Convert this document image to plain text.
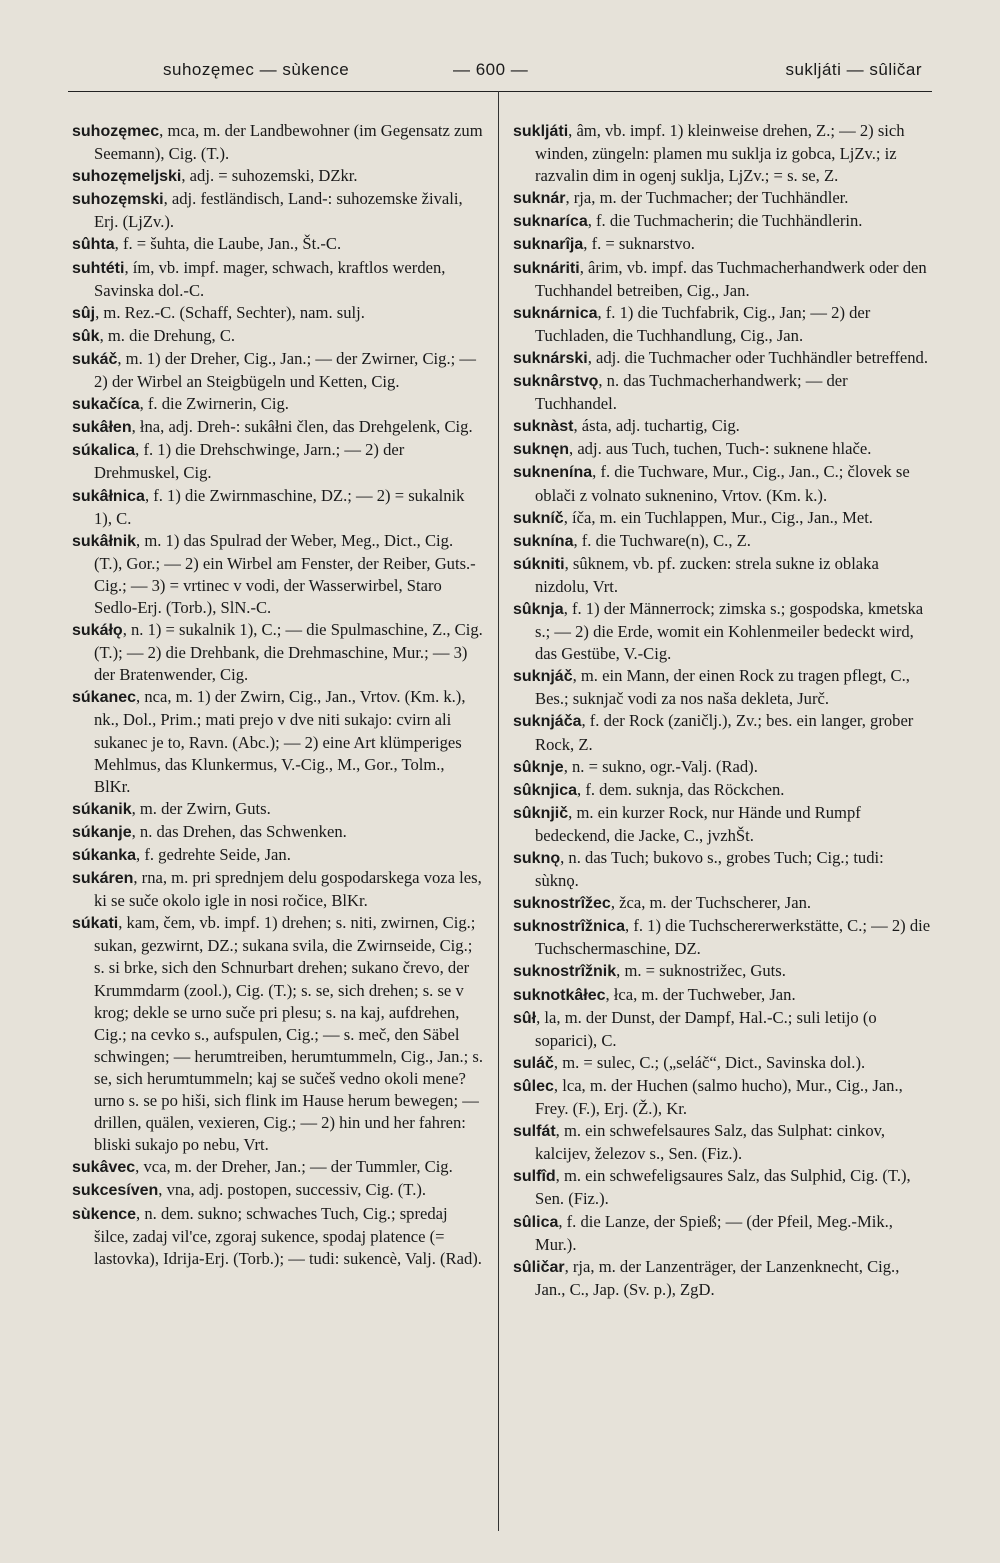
suhozęmec — sùkence	— 600 —	sukljáti — sûličar
suhozęmec, mca, m. der Landbewohner (im Gegensatz zum Seemann), Cig. (T.).
suhozęmeljski, adj. = suhozemski, DZkr.
suhozęmski, adj. festländisch, Land-: suhozemske živali, Erj. (LjZv.).
sûhta, f. = šuhta, die Laube, Jan., Št.-C.
suhtéti, ím, vb. impf. mager, schwach, kraftlos werden, Savinska dol.-C.
sûj, m. Rez.-C. (Schaff, Sechter), nam. sulj.
sûk, m. die Drehung, C.
sukáč, m. 1) der Dreher, Cig., Jan.; — der Zwirner, Cig.; — 2) der Wirbel an Steigbügeln und Ketten, Cig.
sukačíca, f. die Zwirnerin, Cig.
sukâłen, łna, adj. Dreh-: sukâłni člen, das Drehgelenk, Cig.
súkalica, f. 1) die Drehschwinge, Jarn.; — 2) der Drehmuskel, Cig.
sukâłnica, f. 1) die Zwirnmaschine, DZ.; — 2) = sukalnik 1), C.
sukâłnik, m. 1) das Spulrad der Weber, Meg., Dict., Cig. (T.), Gor.; — 2) ein Wirbel am Fenster, der Reiber, Guts.-Cig.; — 3) = vrtinec v vodi, der Wasserwirbel, Staro Sedlo-Erj. (Torb.), SlN.-C.
sukáłǫ, n. 1) = sukalnik 1), C.; — die Spulmaschine, Z., Cig. (T.); — 2) die Drehbank, die Drehmaschine, Mur.; — 3) der Bratenwender, Cig.
súkanec, nca, m. 1) der Zwirn, Cig., Jan., Vrtov. (Km. k.), nk., Dol., Prim.; mati prejo v dve niti sukajo: cvirn ali sukanec je to, Ravn. (Abc.); — 2) eine Art klümperiges Mehlmus, das Klunkermus, V.-Cig., M., Gor., Tolm., BlKr.
súkanik, m. der Zwirn, Guts.
súkanje, n. das Drehen, das Schwenken.
súkanka, f. gedrehte Seide, Jan.
sukáren, rna, m. pri sprednjem delu gospodarskega voza les, ki se suče okolo igle in nosi ročice, BlKr.
súkati, kam, čem, vb. impf. 1) drehen; s. niti, zwirnen, Cig.; sukan, gezwirnt, DZ.; sukana svila, die Zwirnseide, Cig.; s. si brke, sich den Schnurbart drehen; sukano črevo, der Krummdarm (zool.), Cig. (T.); s. se, sich drehen; s. se v krog; dekle se urno suče pri plesu; s. na kaj, aufdrehen, Cig.; na cevko s., aufspulen, Cig.; — s. meč, den Säbel schwingen; — herumtreiben, herumtummeln, Cig., Jan.; s. se, sich herumtummeln; kaj se sučeš vedno okoli mene? urno s. se po hiši, sich flink im Hause herum bewegen; — drillen, quälen, vexieren, Cig.; — 2) hin und her fahren: bliski sukajo po nebu, Vrt.
sukâvec, vca, m. der Dreher, Jan.; — der Tummler, Cig.
sukcesíven, vna, adj. postopen, successiv, Cig. (T.).
sùkence, n. dem. sukno; schwaches Tuch, Cig.; spredaj šilce, zadaj vil'ce, zgoraj sukence, spodaj platence (= lastovka), Idrija-Erj. (Torb.); — tudi: sukencè, Valj. (Rad).
sukljáti, âm, vb. impf. 1) kleinweise drehen, Z.; — 2) sich winden, züngeln: plamen mu suklja iz gobca, LjZv.; iz razvalin dim in ogenj suklja, LjZv.; = s. se, Z.
suknár, rja, m. der Tuchmacher; der Tuchhändler.
suknaríca, f. die Tuchmacherin; die Tuchhändlerin.
suknarîja, f. = suknarstvo.
suknáriti, ârim, vb. impf. das Tuchmacherhandwerk oder den Tuchhandel betreiben, Cig., Jan.
suknárnica, f. 1) die Tuchfabrik, Cig., Jan; — 2) der Tuchladen, die Tuchhandlung, Cig., Jan.
suknárski, adj. die Tuchmacher oder Tuchhändler betreffend.
suknârstvǫ, n. das Tuchmacherhandwerk; — der Tuchhandel.
suknàst, ásta, adj. tuchartig, Cig.
suknęn, adj. aus Tuch, tuchen, Tuch-: suknene hlače.
suknenína, f. die Tuchware, Mur., Cig., Jan., C.; človek se oblači z volnato suknenino, Vrtov. (Km. k.).
sukníč, íča, m. ein Tuchlappen, Mur., Cig., Jan., Met.
suknína, f. die Tuchware(n), C., Z.
súkniti, sûknem, vb. pf. zucken: strela sukne iz oblaka nizdolu, Vrt.
sûknja, f. 1) der Männerrock; zimska s.; gospodska, kmetska s.; — 2) die Erde, womit ein Kohlenmeiler bedeckt wird, das Gestübe, V.-Cig.
suknjáč, m. ein Mann, der einen Rock zu tragen pflegt, C., Bes.; suknjač vodi za nos naša dekleta, Jurč.
suknjáča, f. der Rock (zaničlj.), Zv.; bes. ein langer, grober Rock, Z.
sûknje, n. = sukno, ogr.-Valj. (Rad).
sûknjica, f. dem. suknja, das Röckchen.
sûknjič, m. ein kurzer Rock, nur Hände und Rumpf bedeckend, die Jacke, C., jvzhŠt.
suknǫ, n. das Tuch; bukovo s., grobes Tuch; Cig.; tudi: sùknǫ.
suknostrîžec, žca, m. der Tuchscherer, Jan.
suknostrîžnica, f. 1) die Tuchschererwerkstätte, C.; — 2) die Tuchschermaschine, DZ.
suknostrîžnik, m. = suknostrižec, Guts.
suknotkâłec, łca, m. der Tuchweber, Jan.
sûł, la, m. der Dunst, der Dampf, Hal.-C.; suli letijo (o soparici), C.
suláč, m. = sulec, C.; („seláč“, Dict., Savinska dol.).
sûlec, lca, m. der Huchen (salmo hucho), Mur., Cig., Jan., Frey. (F.), Erj. (Ž.), Kr.
sulfát, m. ein schwefelsaures Salz, das Sulphat: cinkov, kalcijev, železov s., Sen. (Fiz.).
sulfîd, m. ein schwefeligsaures Salz, das Sulphid, Cig. (T.), Sen. (Fiz.).
sûlica, f. die Lanze, der Spieß; — (der Pfeil, Meg.-Mik., Mur.).
sûličar, rja, m. der Lanzenträger, der Lanzenknecht, Cig., Jan., C., Jap. (Sv. p.), ZgD.
